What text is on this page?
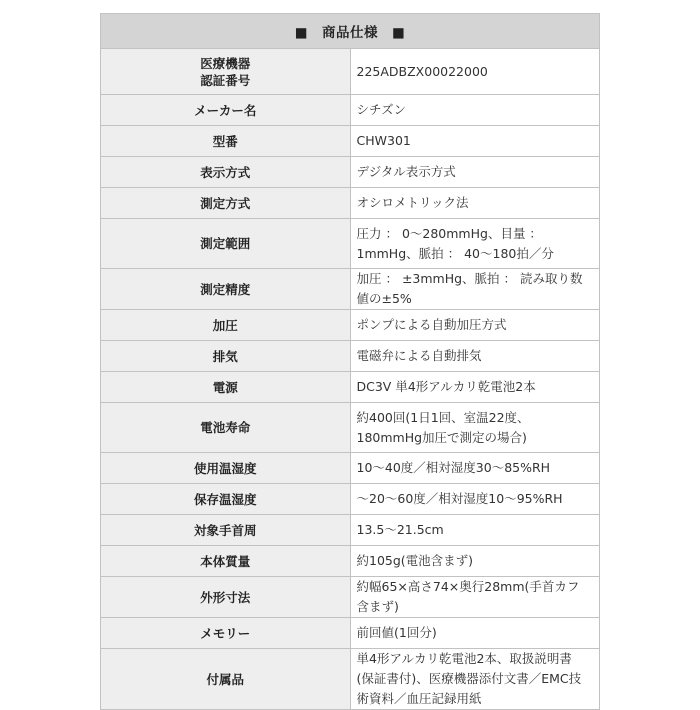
■　商品仕様　■	
医療機器
認証番号	225ADBZX00022000
メーカー名	シチズン
型番	CHW301
表示方式	デジタル表示方式
測定方式	オシロメトリック法
測定範囲	圧力 ： 0～280mmHg、目量 ： 1mmHg、脈拍 ： 40～180拍／分
測定精度	加圧 ： ±3mmHg、脈拍 ： 読み取り数値の±5%
加圧	ポンプによる自動加圧方式
排気	電磁弁による自動排気
電源	DC3V 単4形アルカリ乾電池2本
電池寿命	約400回(1日1回、室温22度、180mmHg加圧で測定の場合)
使用温湿度	10～40度／相対湿度30～85%RH
保存温湿度	～20～60度／相対湿度10～95%RH
対象手首周	13.5～21.5cm
本体質量	約105g(電池含まず)
外形寸法	約幅65×高さ74×奥行28mm(手首カフ含まず)
メモリー	前回値(1回分)
付属品	単4形アルカリ乾電池2本、取扱説明書(保証書付)、医療機器添付文書／EMC技術資料／血圧記録用紙
